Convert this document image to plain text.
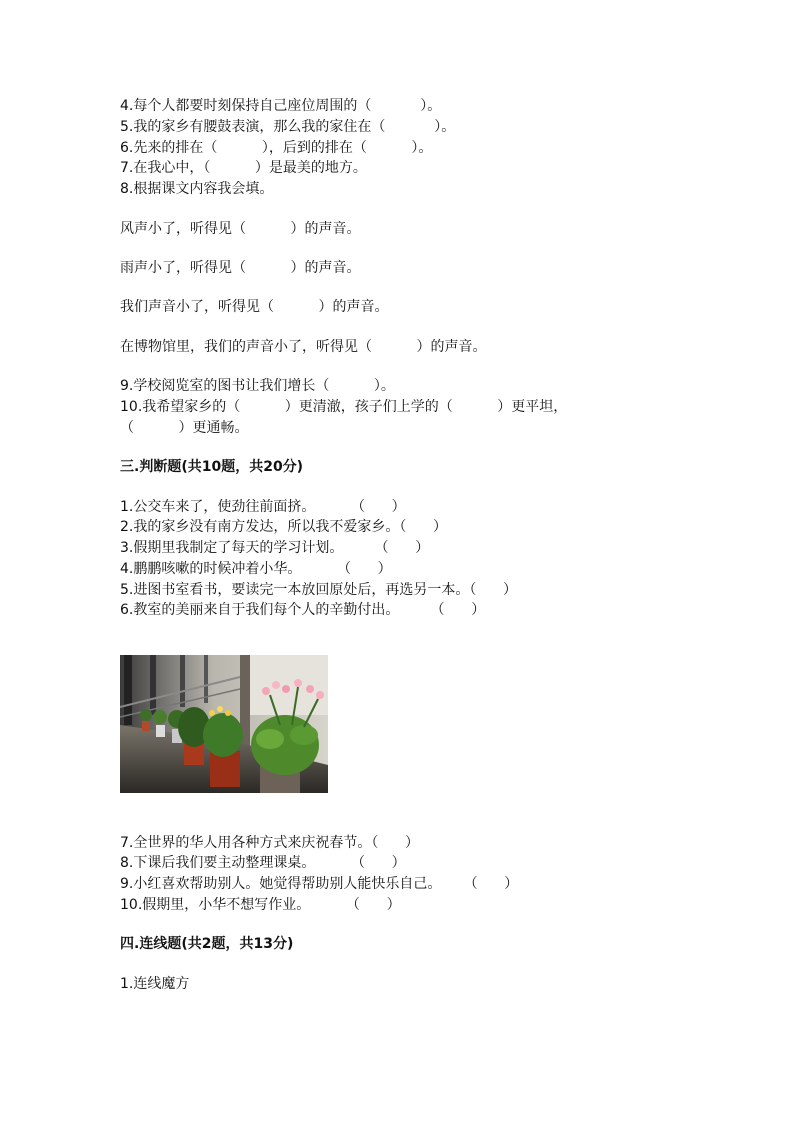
4.每个人都要时刻保持自己座位周围的（           ）。
5.我的家乡有腰鼓表演，那么我的家住在（           ）。
6.先来的排在（          ），后到的排在（          ）。
7.在我心中，（          ）是最美的地方。
8.根据课文内容我会填。
风声小了，听得见（          ）的声音。
雨声小了，听得见（          ）的声音。
我们声音小了，听得见（          ）的声音。
在博物馆里，我们的声音小了，听得见（          ）的声音。
9.学校阅览室的图书让我们增长（          ）。
10.我希望家乡的（          ）更清澈，孩子们上学的（          ）更平坦，
（          ）更通畅。
三.判断题(共10题，共20分)
1.公交车来了，使劲往前面挤。        （      ）
2.我的家乡没有南方发达，所以我不爱家乡。（      ）
3.假期里我制定了每天的学习计划。       （      ）
4.鹏鹏咳嗽的时候冲着小华。        （      ）
5.进图书室看书，要读完一本放回原处后，再选另一本。（      ）
6.教室的美丽来自于我们每个人的辛勤付出。       （      ）
7.全世界的华人用各种方式来庆祝春节。（      ）
8.下课后我们要主动整理课桌。        （      ）
9.小红喜欢帮助别人。她觉得帮助别人能快乐自己。     （      ）
10.假期里，小华不想写作业。        （      ）
四.连线题(共2题，共13分)
1.连线魔方
